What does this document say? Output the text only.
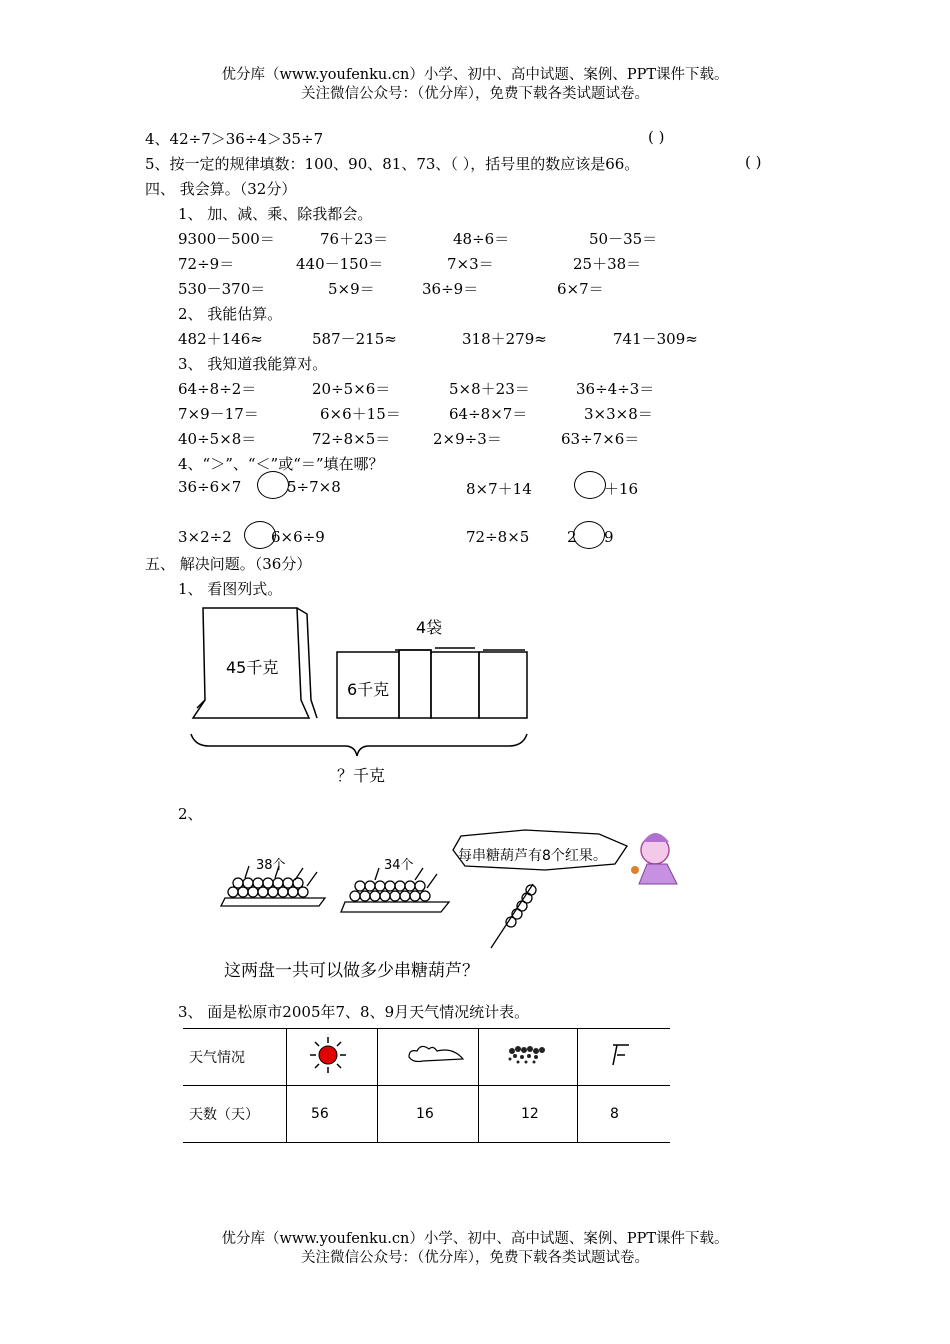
优分库（www.youfenku.cn）小学、初中、高中试题、案例、PPT课件下载。
关注微信公众号：（优分库），免费下载各类试题试卷。
4、42÷7＞36÷4＞35÷7	( )
5、按一定的规律填数：100、90、81、73、（ ），括号里的数应该是66。	( )
四、 我会算。（32分）
1、 加、减、乘、除我都会。
9300－500＝	76＋23＝	48÷6＝	50－35＝
72÷9＝	440－150＝	7×3＝	25＋38＝
530－370＝	5×9＝	36÷9＝	6×7＝
2、 我能估算。
482＋146≈	587－215≈	318＋279≈	741－309≈
3、 我知道我能算对。
64÷8÷2＝	20÷5×6＝	5×8＋23＝	36÷4÷3＝
7×9－17＝	6×6＋15＝	64÷8×7＝	3×3×8＝
40÷5×8＝	72÷8×5＝	2×9÷3＝	63÷7×6＝
4、“＞”、“＜”或“＝”填在哪？
36÷6×7	5÷7×8	8×7＋14	＋16
3×2÷2	6×6÷9	72÷8×5	2 9
五、 解决问题。（36分）
1、 看图列式。
45千克
4袋
6千克
？千克
2、
38个	34个
每串糖葫芦有8个红果。
这两盘一共可以做多少串糖葫芦？
3、 面是松原市2005年7、8、9月天气情况统计表。
天气情况				
天数（天）	56	16	12	8
优分库（www.youfenku.cn）小学、初中、高中试题、案例、PPT课件下载。
关注微信公众号：（优分库），免费下载各类试题试卷。
